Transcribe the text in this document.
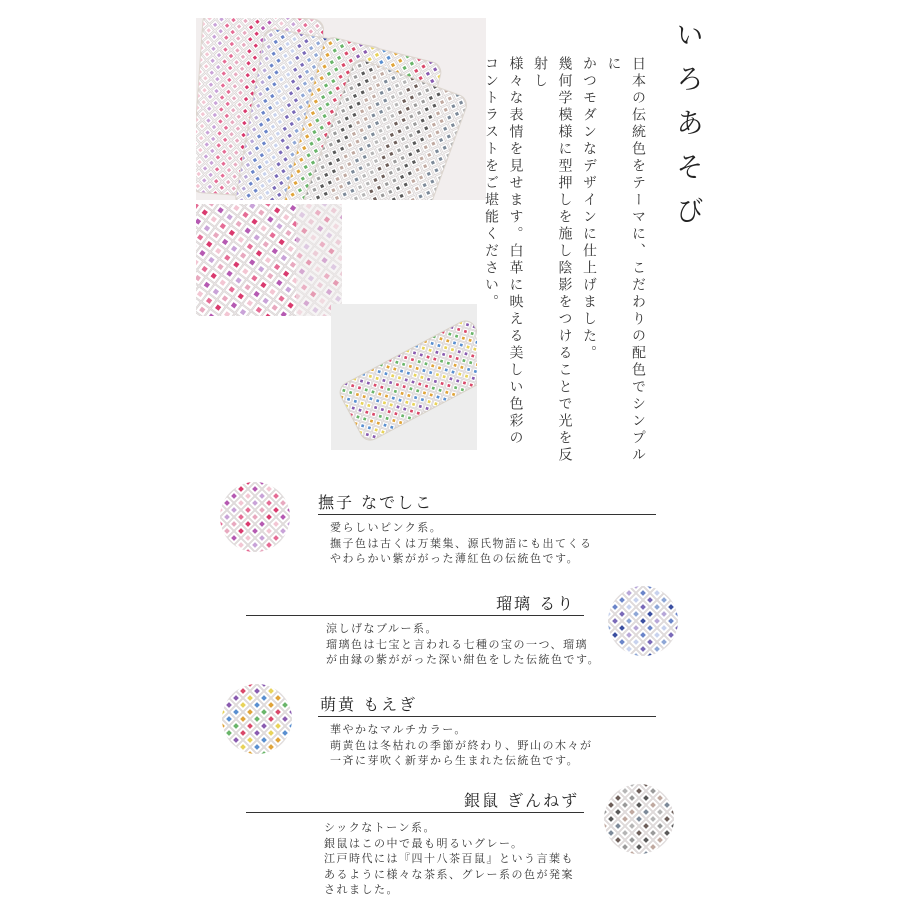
いろあそび

日本の伝統色をテーマに、こだわりの配色でシンプルに

かつモダンなデザインに仕上げました。

幾何学模様に型押しを施し陰影をつけることで光を反射し

様々な表情を見せます。白革に映える美しい色彩の

コントラストをご堪能ください。

撫子 なでしこ

愛らしいピンク系。

撫子色は古くは万葉集、源氏物語にも出てくる

やわらかい紫ががった薄紅色の伝統色です。

瑠璃 るり

涼しげなブルー系。

瑠璃色は七宝と言われる七種の宝の一つ、瑠璃

が由縁の紫ががった深い紺色をした伝統色です。

萌黄 もえぎ

華やかなマルチカラー。

萌黄色は冬枯れの季節が終わり、野山の木々が

一斉に芽吹く新芽から生まれた伝統色です。

銀鼠 ぎんねず

シックなトーン系。

銀鼠はこの中で最も明るいグレー。

江戸時代には『四十八茶百鼠』という言葉も

あるように様々な茶系、グレー系の色が発案

されました。
